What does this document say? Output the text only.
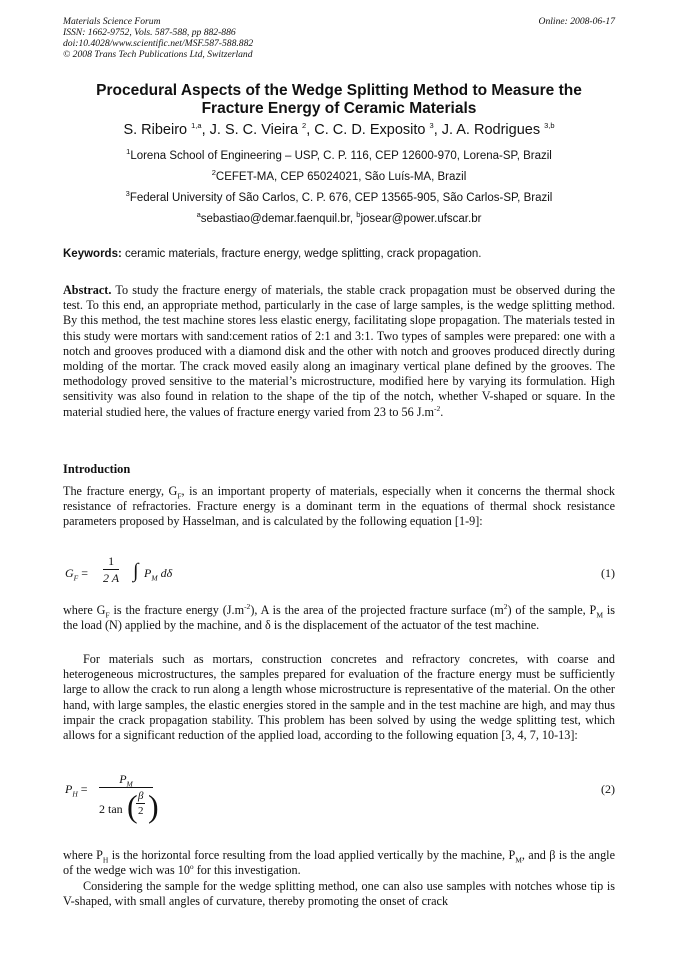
Materials Science Forum
ISSN: 1662-9752, Vols. 587-588, pp 882-886
doi:10.4028/www.scientific.net/MSF.587-588.882
© 2008 Trans Tech Publications Ltd, Switzerland
Online: 2008-06-17
Procedural Aspects of the Wedge Splitting Method to Measure the
Fracture Energy of Ceramic Materials
S. Ribeiro $^{1,a}$, J. S. C. Vieira $^2$, C. C. D. Exposito $^3$, J. A. Rodrigues $^{3,b}$
$^1$Lorena School of Engineering – USP, C. P. 116, CEP 12600-970, Lorena-SP, Brazil
$^2$CEFET-MA, CEP 65024021, São Luís-MA, Brazil
$^3$Federal University of São Carlos, C. P. 676, CEP 13565-905, São Carlos-SP, Brazil
$^a$sebastiao@demar.faenquil.br, $^b$josear@power.ufscar.br
Keywords: ceramic materials, fracture energy, wedge splitting, crack propagation.
Abstract. To study the fracture energy of materials, the stable crack propagation must be observed during the test. To this end, an appropriate method, particularly in the case of large samples, is the wedge splitting method. By this method, the test machine stores less elastic energy, facilitating slope propagation. The materials tested in this study were mortars with sand:cement ratios of 2:1 and 3:1. Two types of samples were prepared: one with a notch and grooves produced with a diamond disk and the other with notch and grooves produced directly during molding of the mortar. The crack moved easily along an imaginary vertical plane defined by the grooves. The methodology proved sensitive to the material’s microstructure, modified here by varying its formulation. High sensitivity was also found in relation to the shape of the tip of the notch, whether V-shaped or square. In the material studied here, the values of fracture energy varied from 23 to 56 $J.m^{-2}$.
Introduction
The fracture energy, $G_F$, is an important property of materials, especially when it concerns the thermal shock resistance of refractories. Fracture energy is a dominant term in the equations of thermal shock resistance parameters proposed by Hasselman, and is calculated by the following equation [1-9]:
$G_F = \frac{1}{2 A}$ ∫ $P_M$ dδ	(1)
where $G_F$ is the fracture energy $(J.m^{-2})$, A is the area of the projected fracture surface $(m^2)$ of the sample, $P_M$ is the load (N) applied by the machine, and δ is the displacement of the actuator of the test machine.
For materials such as mortars, construction concretes and refractory concretes, with coarse and heterogeneous microstructures, the samples prepared for evaluation of the fracture energy must be sufficiently large to allow the crack to run along a length whose microstructure is representative of the material. On the other hand, with large samples, the elastic energies stored in the sample and in the test machine are high, and may thus impair the crack propagation stability. This problem has been solved by using the wedge splitting test, which allows for a significant reduction of the applied load, according to the following equation [3, 4, 7, 10-13]:
$P_H$ =
$P_M$
2 tan (
$\frac{\beta}{2}$ )	(2)
where $P_H$ is the horizontal force resulting from the load applied vertically by the machine, $P_M$, and β is the angle of the wedge wich was 10$^o$ for this investigation.
Considering the sample for the wedge splitting method, one can also use samples with notches whose tip is V-shaped, with small angles of curvature, thereby promoting the onset of crack
